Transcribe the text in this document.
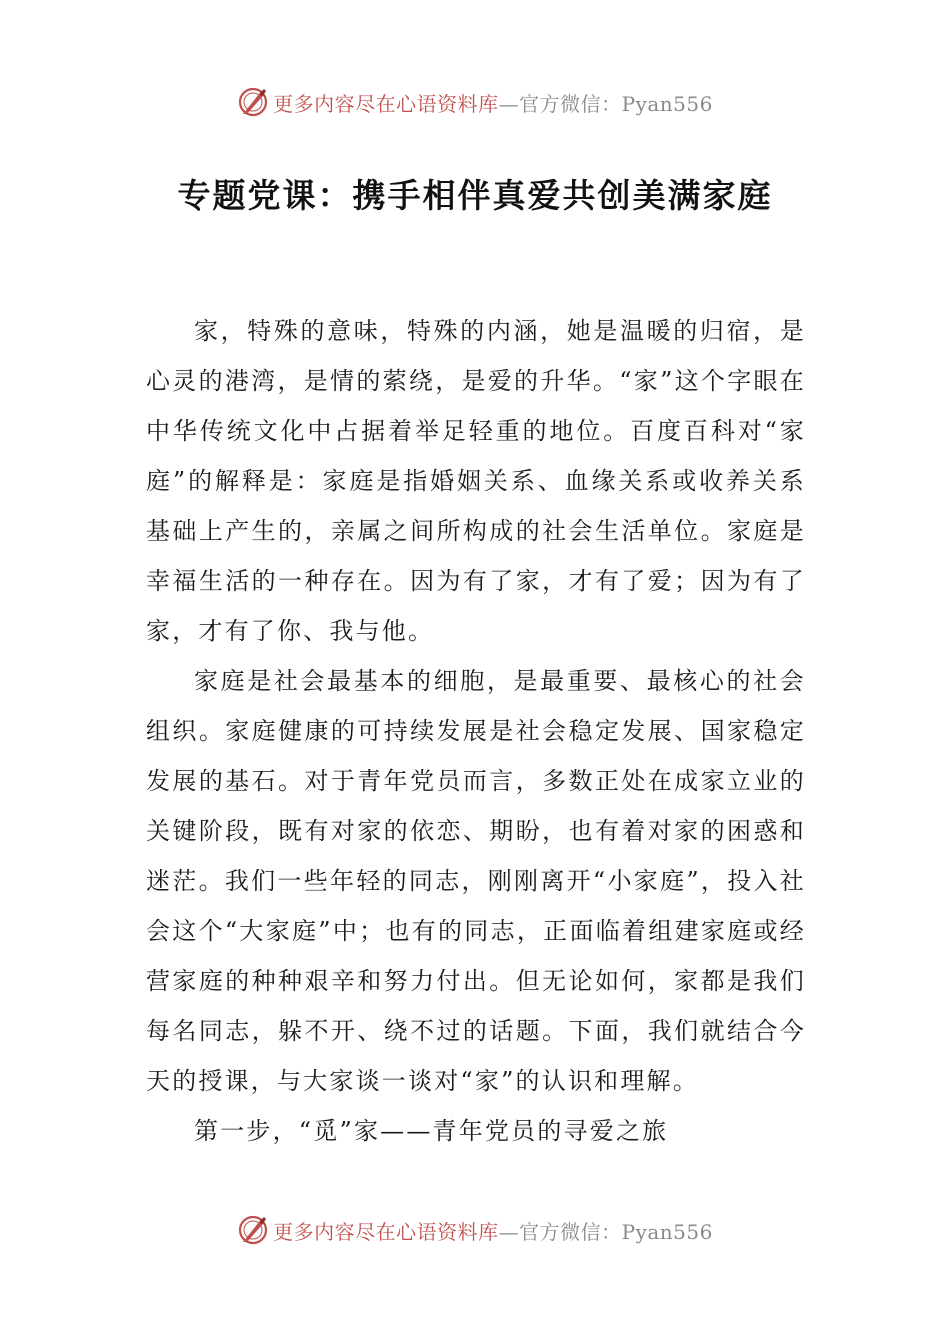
更多内容尽在心语资料库—官方微信：Pyan556
专题党课：携手相伴真爱共创美满家庭

家，特殊的意味，特殊的内涵，她是温暖的归宿，是心灵的港湾，是情的萦绕，是爱的升华。“家”这个字眼在中华传统文化中占据着举足轻重的地位。百度百科对“家庭”的解释是：家庭是指婚姻关系、血缘关系或收养关系基础上产生的，亲属之间所构成的社会生活单位。家庭是幸福生活的一种存在。因为有了家，才有了爱；因为有了家，才有了你、我与他。

家庭是社会最基本的细胞，是最重要、最核心的社会组织。家庭健康的可持续发展是社会稳定发展、国家稳定发展的基石。对于青年党员而言，多数正处在成家立业的关键阶段，既有对家的依恋、期盼，也有着对家的困惑和迷茫。我们一些年轻的同志，刚刚离开“小家庭”，投入社会这个“大家庭”中；也有的同志，正面临着组建家庭或经营家庭的种种艰辛和努力付出。但无论如何，家都是我们每名同志，躲不开、绕不过的话题。下面，我们就结合今天的授课，与大家谈一谈对“家”的认识和理解。

第一步，“觅”家——青年党员的寻爱之旅

更多内容尽在心语资料库—官方微信：Pyan556
